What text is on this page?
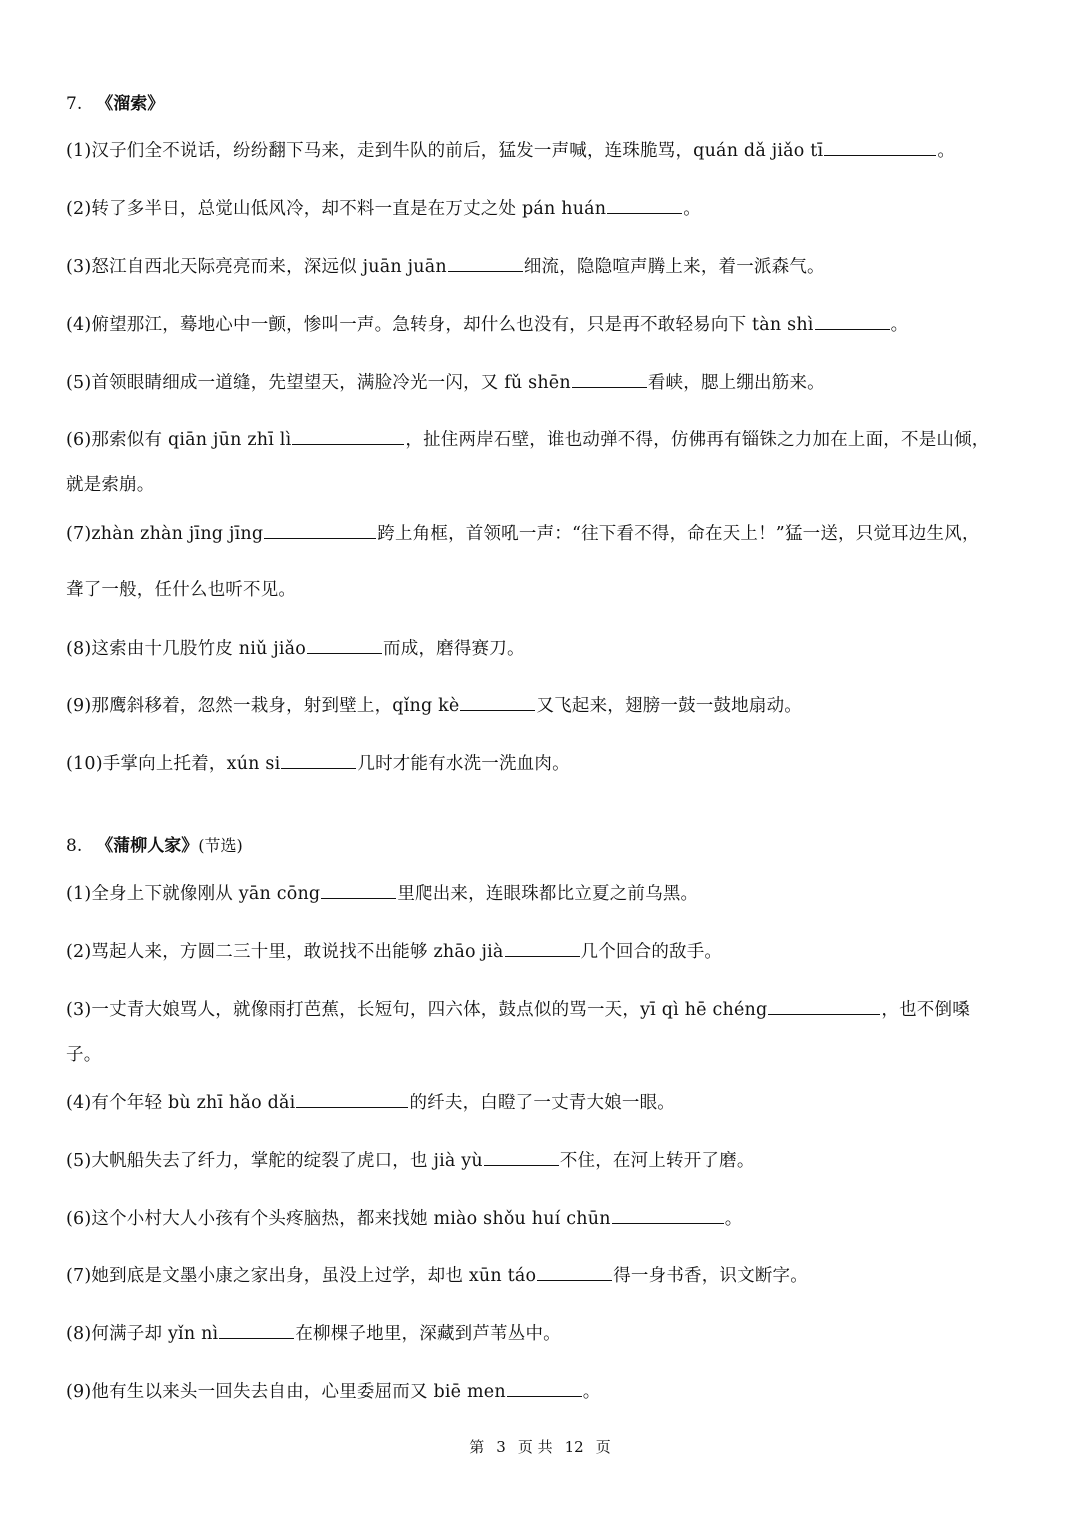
7. 《溜索》
(1)汉子们全不说话，纷纷翻下马来，走到牛队的前后，猛发一声喊，连珠脆骂，quán dǎ jiǎo tī	。
(2)转了多半日，总觉山低风冷，却不料一直是在万丈之处 pán huán	。
(3)怒江自西北天际亮亮而来，深远似 juān juān	细流，隐隐喧声腾上来，着一派森气。
(4)俯望那江，蓦地心中一颤，惨叫一声。急转身，却什么也没有，只是再不敢轻易向下 tàn shì	。
(5)首领眼睛细成一道缝，先望望天，满脸冷光一闪，又 fǔ shēn	看峡，腮上绷出筋来。
(6)那索似有 qiān jūn zhī lì	，扯住两岸石壁，谁也动弹不得，仿佛再有锱铢之力加在上面，不是山倾，
就是索崩。
(7)zhàn zhàn jīng jīng	跨上角框，首领吼一声：“往下看不得，命在天上！”猛一送，只觉耳边生风，
聋了一般，任什么也听不见。
(8)这索由十几股竹皮 niǔ jiǎo	而成，磨得赛刀。
(9)那鹰斜移着，忽然一栽身，射到壁上，qǐng kè	又飞起来，翅膀一鼓一鼓地扇动。
(10)手掌向上托着，xún si	几时才能有水洗一洗血肉。
8. 《蒲柳人家》(节选)
(1)全身上下就像刚从 yān cōng	里爬出来，连眼珠都比立夏之前乌黑。
(2)骂起人来，方圆二三十里，敢说找不出能够 zhāo jià	几个回合的敌手。
(3)一丈青大娘骂人，就像雨打芭蕉，长短句，四六体，鼓点似的骂一天，yī qì hē chéng	，也不倒嗓
子。
(4)有个年轻 bù zhī hǎo dǎi	的纤夫，白瞪了一丈青大娘一眼。
(5)大帆船失去了纤力，掌舵的绽裂了虎口，也 jià yù	不住，在河上转开了磨。
(6)这个小村大人小孩有个头疼脑热，都来找她 miào shǒu huí chūn	。
(7)她到底是文墨小康之家出身，虽没上过学，却也 xūn táo	得一身书香，识文断字。
(8)何满子却 yǐn nì	在柳棵子地里，深藏到芦苇丛中。
(9)他有生以来头一回失去自由，心里委屈而又 biē men	。
第 3 页 共 12 页
